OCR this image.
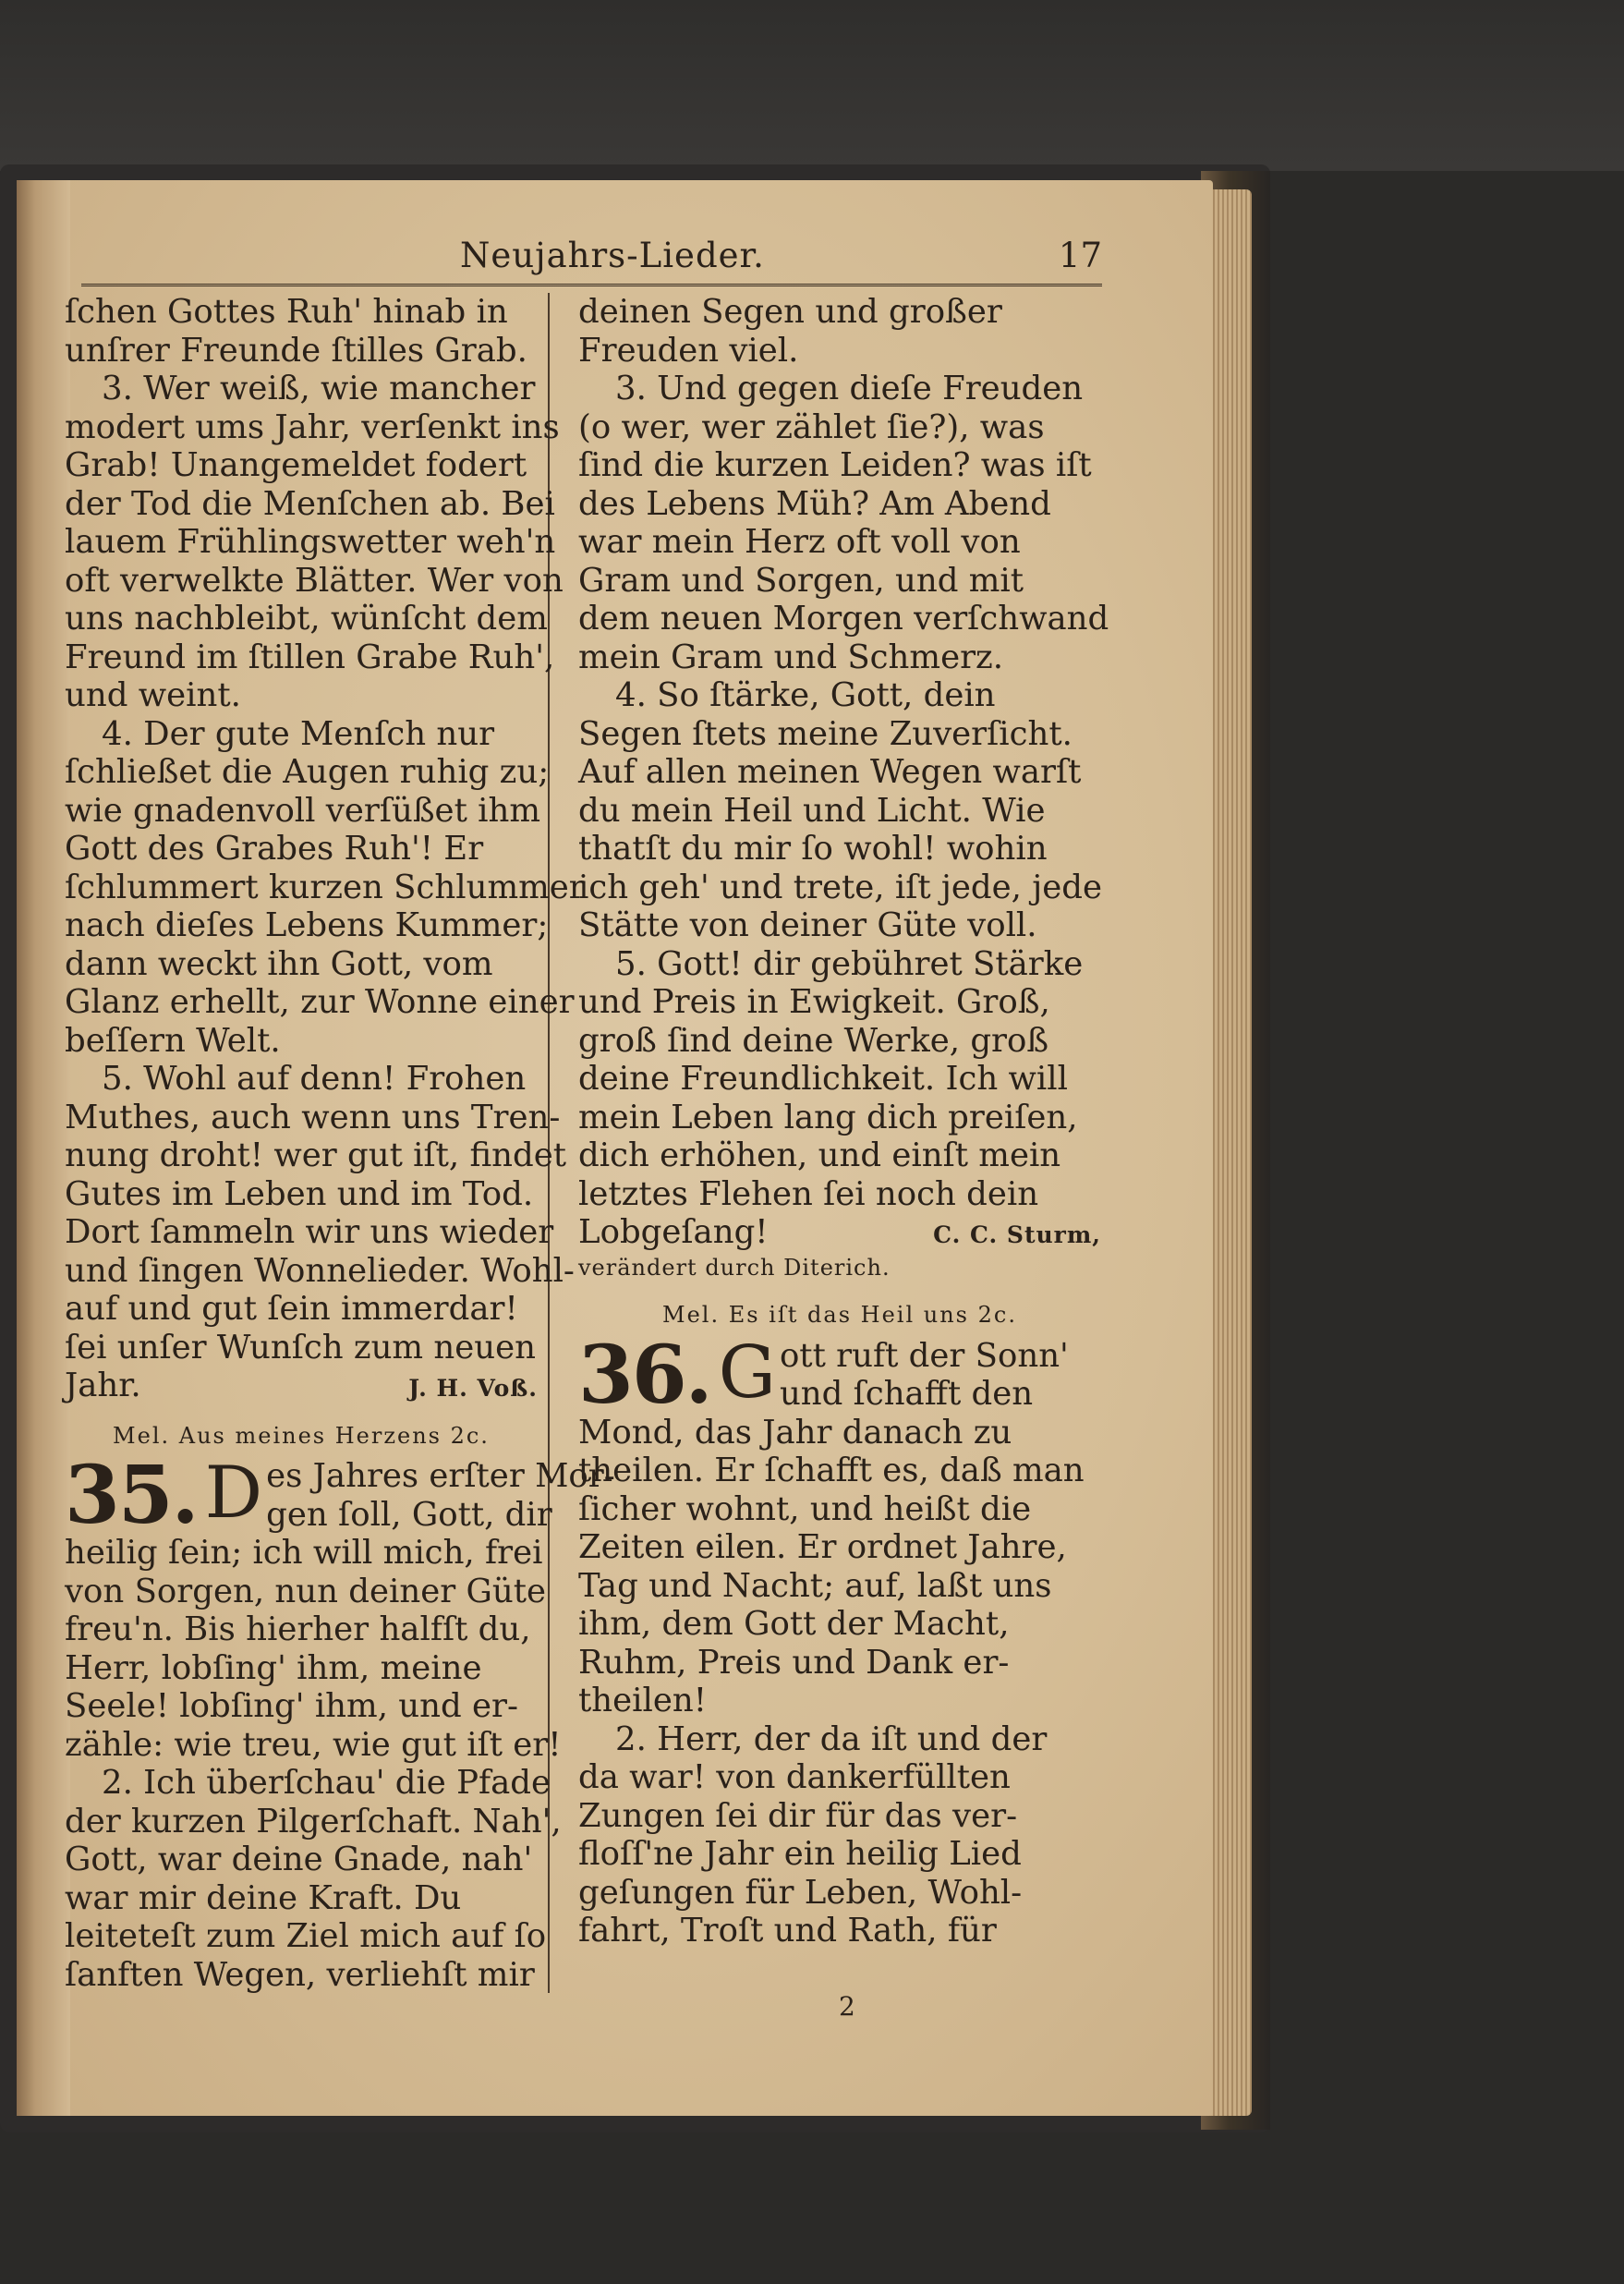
Neujahrs-Lieder.	17

ſchen Gottes Ruh' hinab in
unſrer Freunde ſtilles Grab.

3. Wer weiß, wie mancher
modert ums Jahr, verſenkt ins
Grab! Unangemeldet fodert
der Tod die Menſchen ab. Bei
lauem Frühlingswetter weh'n
oft verwelkte Blätter. Wer von
uns nachbleibt, wünſcht dem
Freund im ſtillen Grabe Ruh',
und weint.

4. Der gute Menſch nur
ſchließet die Augen ruhig zu;
wie gnadenvoll verſüßet ihm
Gott des Grabes Ruh'! Er
ſchlummert kurzen Schlummer
nach dieſes Lebens Kummer;
dann weckt ihn Gott, vom
Glanz erhellt, zur Wonne einer
beſſern Welt.

5. Wohl auf denn! Frohen
Muthes, auch wenn uns Tren-
nung droht! wer gut iſt, findet
Gutes im Leben und im Tod.
Dort ſammeln wir uns wieder
und ſingen Wonnelieder. Wohl-
auf und gut ſein immerdar!
ſei unſer Wunſch zum neuen
Jahr.	J. H. Voß.

Mel. Aus meines Herzens 2c.
35. D es Jahres erſter Mor-
gen ſoll, Gott, dir

heilig ſein; ich will mich, frei
von Sorgen, nun deiner Güte
freu'n. Bis hierher halfſt du,
Herr, lobſing' ihm, meine
Seele! lobſing' ihm, und er-
zähle: wie treu, wie gut iſt er!

2. Ich überſchau' die Pfade
der kurzen Pilgerſchaft. Nah',
Gott, war deine Gnade, nah'
war mir deine Kraft. Du
leiteteſt zum Ziel mich auf ſo
ſanften Wegen, verliehſt mir

deinen Segen und großer
Freuden viel.

3. Und gegen dieſe Freuden
(o wer, wer zählet ſie?), was
ſind die kurzen Leiden? was iſt
des Lebens Müh? Am Abend
war mein Herz oft voll von
Gram und Sorgen, und mit
dem neuen Morgen verſchwand
mein Gram und Schmerz.

4. So ſtärke, Gott, dein
Segen ſtets meine Zuverſicht.
Auf allen meinen Wegen warſt
du mein Heil und Licht. Wie
thatſt du mir ſo wohl! wohin
ich geh' und trete, iſt jede, jede
Stätte von deiner Güte voll.

5. Gott! dir gebühret Stärke
und Preis in Ewigkeit. Groß,
groß ſind deine Werke, groß
deine Freundlichkeit. Ich will
mein Leben lang dich preiſen,
dich erhöhen, und einſt mein
letztes Flehen ſei noch dein
Lobgeſang!	C. C. Sturm,
verändert durch Diterich.

Mel. Es iſt das Heil uns 2c.
36. G ott ruft der Sonn'
und ſchafft den

Mond, das Jahr danach zu
theilen. Er ſchafft es, daß man
ſicher wohnt, und heißt die
Zeiten eilen. Er ordnet Jahre,
Tag und Nacht; auf, laßt uns
ihm, dem Gott der Macht,
Ruhm, Preis und Dank er-
theilen!

2. Herr, der da iſt und der
da war! von dankerfüllten
Zungen ſei dir für das ver-
floſſ'ne Jahr ein heilig Lied
geſungen für Leben, Wohl-
fahrt, Troſt und Rath, für

2
